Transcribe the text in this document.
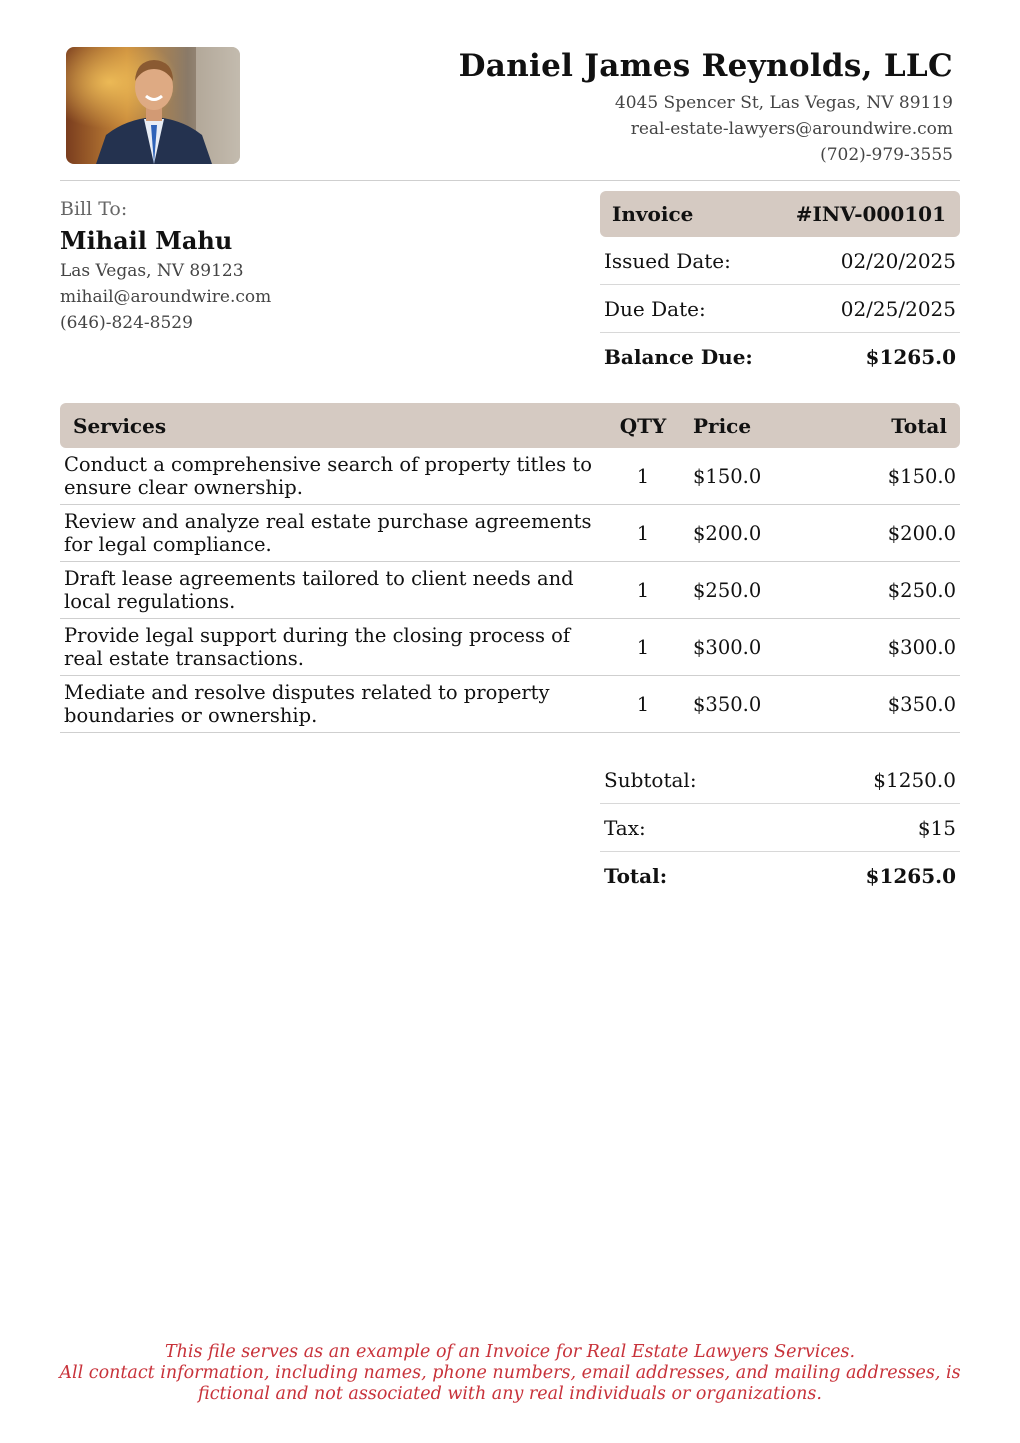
Daniel James Reynolds, LLC
4045 Spencer St, Las Vegas, NV 89119
real-estate-lawyers@aroundwire.com
(702)-979-3555
Bill To:
Mihail Mahu
Las Vegas, NV 89123
mihail@aroundwire.com
(646)-824-8529
Invoice	#INV-000101
Issued Date:	02/20/2025
Due Date:	02/25/2025
Balance Due:	$1265.0
Services	QTY	Price	Total
Conduct a comprehensive search of property titles to ensure clear ownership.	1	$150.0	$150.0
Review and analyze real estate purchase agreements for legal compliance.	1	$200.0	$200.0
Draft lease agreements tailored to client needs and local regulations.	1	$250.0	$250.0
Provide legal support during the closing process of real estate transactions.	1	$300.0	$300.0
Mediate and resolve disputes related to property boundaries or ownership.	1	$350.0	$350.0
Subtotal:	$1250.0
Tax:	$15
Total:	$1265.0
This file serves as an example of an Invoice for Real Estate Lawyers Services.
All contact information, including names, phone numbers, email addresses, and mailing addresses, is
fictional and not associated with any real individuals or organizations.
